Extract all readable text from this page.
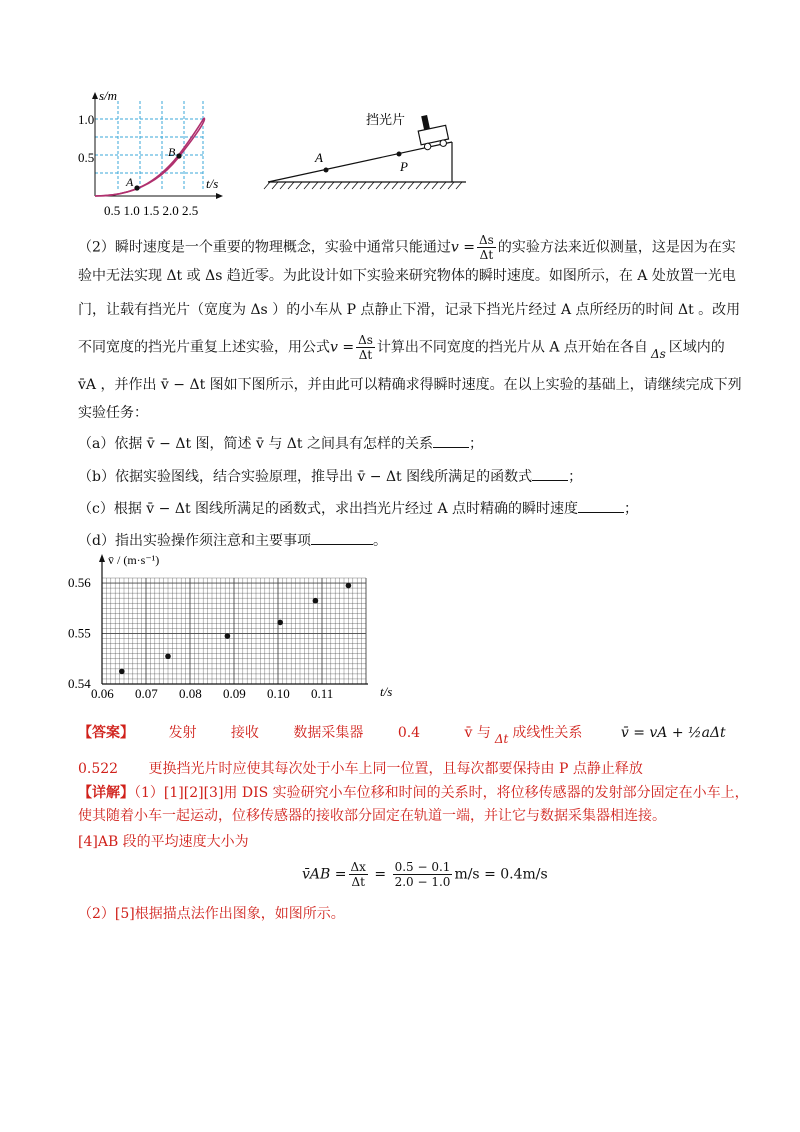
s/m
1.0
0.5
t/s
0.5 1.0 1.5 2.0 2.5
A
B
挡光片
A
P
（2）瞬时速度是一个重要的物理概念，实验中通常只能通过$v = \frac{\Delta s}{\Delta t}$ 的实验方法来近似测量，这是因为在实
验中无法实现 Δt 或 Δs 趋近零。为此设计如下实验来研究物体的瞬时速度。如图所示，在 A 处放置一光电
门，让载有挡光片（宽度为 Δs ）的小车从 P 点静止下滑，记录下挡光片经过 A 点所经历的时间 Δt 。改用
不同宽度的挡光片重复上述实验，用公式$v = \frac{\Delta s}{\Delta t}$ 计算出不同宽度的挡光片从 A 点开始在各自 Δs 区域内的
v̄A ，并作出 v̄ − Δt 图如下图所示，并由此可以精确求得瞬时速度。在以上实验的基础上，请继续完成下列
实验任务：
（a）依据 v̄ − Δt 图，简述 v̄ 与 Δt 之间具有怎样的关系	；
（b）依据实验图线，结合实验原理，推导出 v̄ − Δt 图线所满足的函数式	；
（c）根据 v̄ − Δt 图线所满足的函数式，求出挡光片经过 A 点时精确的瞬时速度	；
（d）指出实验操作须注意和主要事项	。
0.06 0.07 0.08 0.09 0.10 0.11
0.54
0.55
0.56
v̄ / (m·s⁻¹)
t/s
【答案】 发射 接收 数据采集器 0.4	v̄ 与 Δt 成线性关系	v̄ = vA + ½aΔt
0.522 更换挡光片时应使其每次处于小车上同一位置，且每次都要保持由 P 点静止释放
【详解】（1）[1][2][3]用 DIS 实验研究小车位移和时间的关系时，将位移传感器的发射部分固定在小车上，
使其随着小车一起运动，位移传感器的接收部分固定在轨道一端，并让它与数据采集器相连接。
[4]AB 段的平均速度大小为
v̄AB = $\frac{\Delta x}{\Delta t} = \frac{0.5 - 0.1}{2.0 - 1.0} m/s = 0.4m/s$
（2）[5]根据描点法作出图象，如图所示。
